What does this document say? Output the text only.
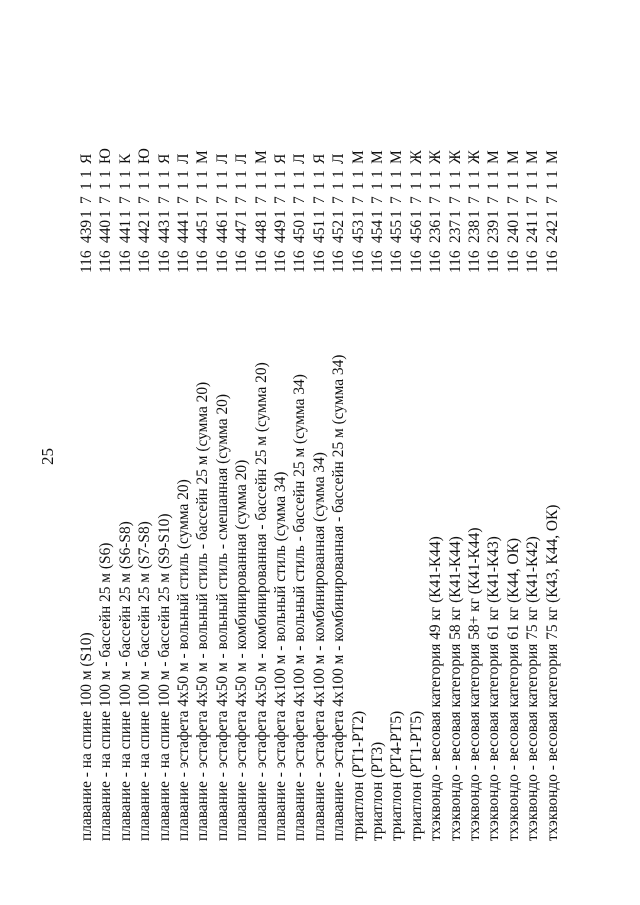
25
плавание - на спине 100 м (S10)
1164391711Я
плавание - на спине 100 м - бассейн 25 м (S6)
1164401711Ю
плавание - на спине 100 м - бассейн 25 м (S6-S8)
1164411711К
плавание - на спине 100 м - бассейн 25 м (S7-S8)
1164421711Ю
плавание - на спине 100 м - бассейн 25 м (S9-S10)
1164431711Я
плавание - эстафета 4х50 м - вольный стиль (сумма 20)
1164441711Л
плавание - эстафета 4х50 м - вольный стиль - бассейн 25 м (сумма 20)
1164451711М
плавание - эстафета 4х50 м - вольный стиль - смешанная (сумма 20)
1164461711Л
плавание - эстафета 4х50 м - комбинированная (сумма 20)
1164471711Л
плавание - эстафета 4х50 м - комбинированная - бассейн 25 м (сумма 20)
1164481711М
плавание - эстафета 4х100 м - вольный стиль (сумма 34)
1164491711Я
плавание - эстафета 4х100 м - вольный стиль - бассейн 25 м (сумма 34)
1164501711Л
плавание - эстафета 4х100 м - комбинированная (сумма 34)
1164511711Я
плавание - эстафета 4х100 м - комбинированная - бассейн 25 м (сумма 34)
1164521711Л
триатлон (РТ1-РТ2)
1164531711М
триатлон (РТ3)
1164541711М
триатлон (РТ4-РТ5)
1164551711М
триатлон (РТ1-РТ5)
1164561711Ж
тхэквондо - весовая категория 49 кг (К41-К44)
1162361711Ж
тхэквондо - весовая категория 58 кг (К41-К44)
1162371711Ж
тхэквондо - весовая категория 58+ кг (К41-К44)
1162381711Ж
тхэквондо - весовая категория 61 кг (К41-К43)
1162391711М
тхэквондо - весовая категория 61 кг (К44, ОК)
1162401711М
тхэквондо - весовая категория 75 кг (К41-К42)
1162411711М
тхэквондо - весовая категория 75 кг (К43, К44, ОК)
1162421711М
